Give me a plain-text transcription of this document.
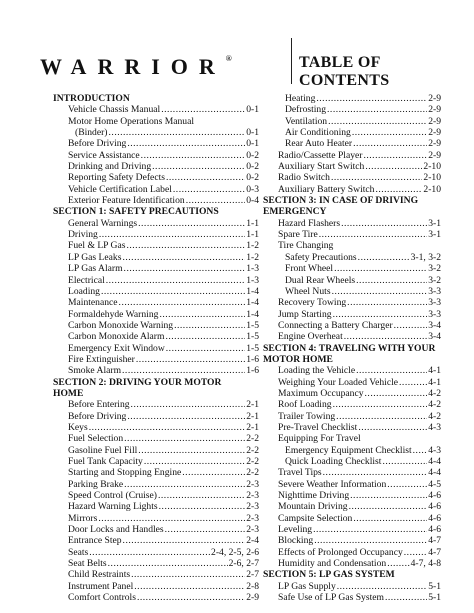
WARRIOR®	TABLE OF CONTENTS
INTRODUCTION
Vehicle Chassis Manual .....	0-1
Motor Home Operations Manual
(Binder) .....	0-1
Before Driving .....	0-1
Service Assistance .....	0-2
Drinking and Driving .....	0-2
Reporting Safety Defects .....	0-2
Vehicle Certification Label .....	0-3
Exterior Feature Identification .....	0-4
SECTION 1: SAFETY PRECAUTIONS
General Warnings .....	1-1
Driving .....	1-1
Fuel & LP Gas .....	1-2
LP Gas Leaks .....	1-2
LP Gas Alarm .....	1-3
Electrical .....	1-3
Loading .....	1-4
Maintenance .....	1-4
Formaldehyde Warning .....	1-4
Carbon Monoxide Warning .....	1-5
Carbon Monoxide Alarm .....	1-5
Emergency Exit Window .....	1-5
Fire Extinguisher .....	1-6
Smoke Alarm .....	1-6
SECTION 2: DRIVING YOUR MOTOR
HOME
Before Entering .....	2-1
Before Driving .....	2-1
Keys .....	2-1
Fuel Selection .....	2-2
Gasoline Fuel Fill .....	2-2
Fuel Tank Capacity .....	2-2
Starting and Stopping Engine .....	2-2
Parking Brake .....	2-3
Speed Control (Cruise) .....	2-3
Hazard Warning Lights .....	2-3
Mirrors .....	2-3
Door Locks and Handles .....	2-3
Entrance Step .....	2-4
Seats .....	2-4, 2-5, 2-6
Seat Belts .....	2-6, 2-7
Child Restraints .....	2-7
Instrument Panel .....	2-8
Comfort Controls .....	2-9
Heating .....	2-9
Defrosting .....	2-9
Ventilation .....	2-9
Air Conditioning .....	2-9
Rear Auto Heater .....	2-9
Radio/Cassette Player .....	2-9
Auxiliary Start Switch .....	2-10
Radio Switch .....	2-10
Auxiliary Battery Switch .....	2-10
SECTION 3: IN CASE OF DRIVING
EMERGENCY
Hazard Flashers .....	3-1
Spare Tire .....	3-1
Tire Changing
Safety Precautions .....	3-1, 3-2
Front Wheel .....	3-2
Dual Rear Wheels .....	3-2
Wheel Nuts .....	3-3
Recovery Towing .....	3-3
Jump Starting .....	3-3
Connecting a Battery Charger .....	3-4
Engine Overheat .....	3-4
SECTION 4: TRAVELING WITH YOUR
MOTOR HOME
Loading the Vehicle .....	4-1
Weighing Your Loaded Vehicle .....	4-1
Maximum Occupancy .....	4-2
Roof Loading .....	4-2
Trailer Towing .....	4-2
Pre-Travel Checklist .....	4-3
Equipping For Travel
Emergency Equipment Checklist ..... 4-3
Quick Loading Checklist .....	4-4
Travel Tips .....	4-4
Severe Weather Information .....	4-5
Nighttime Driving .....	4-6
Mountain Driving .....	4-6
Campsite Selection .....	4-6
Leveling .....	4-6
Blocking .....	4-7
Effects of Prolonged Occupancy .....	4-7
Humidity and Condensation .....	4-7, 4-8
SECTION 5: LP GAS SYSTEM
LP Gas Supply .....	5-1
Safe Use of LP Gas System .....	5-1
